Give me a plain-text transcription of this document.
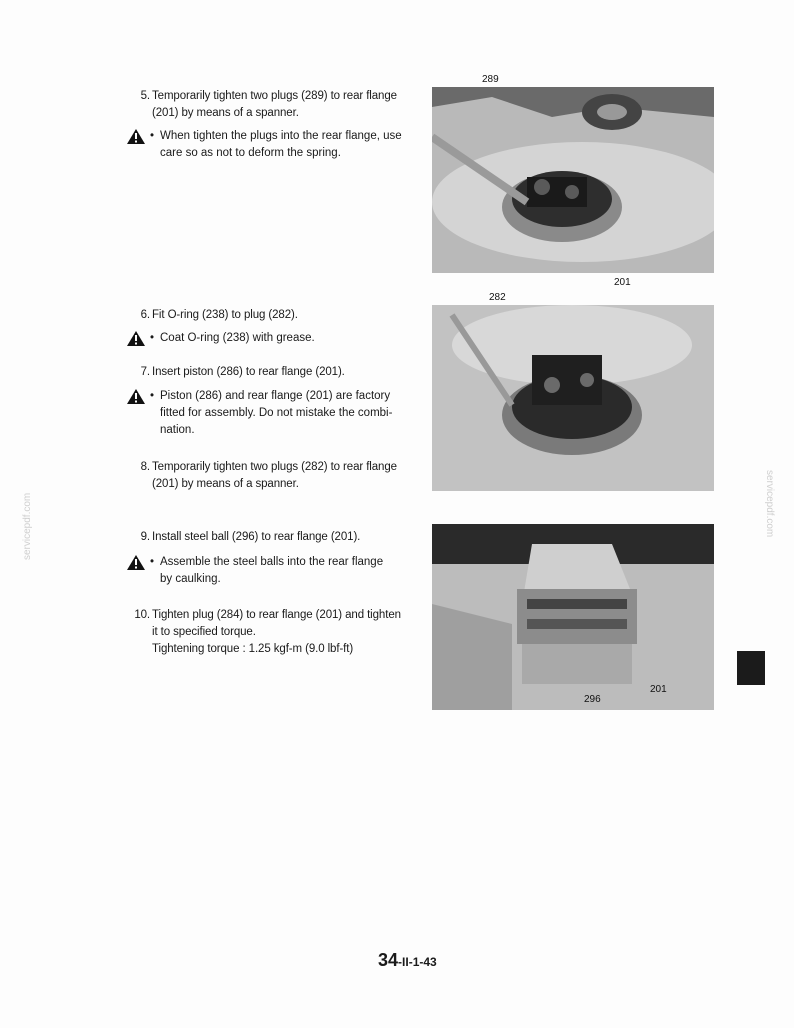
5. Temporarily tighten two plugs (289) to rear flange
(201) by means of a spanner.
• When tighten the plugs into the rear flange, use
care so as not to deform the spring.
289
201
6. Fit O-ring (238) to plug (282).
• Coat O-ring (238) with grease.
7. Insert piston (286) to rear flange (201).
• Piston (286) and rear flange (201) are factory
fitted for assembly. Do not mistake the combi-
nation.
282
8. Temporarily tighten two plugs (282) to rear flange
(201) by means of a spanner.
9. Install steel ball (296) to rear flange (201).
• Assemble the steel balls into the rear flange
by caulking.
10. Tighten plug (284) to rear flange (201) and tighten
it to specified torque.
Tightening torque : 1.25 kgf-m (9.0 lbf-ft)
201
296
servicepdf.com	servicepdf.com
34-II-1-43
